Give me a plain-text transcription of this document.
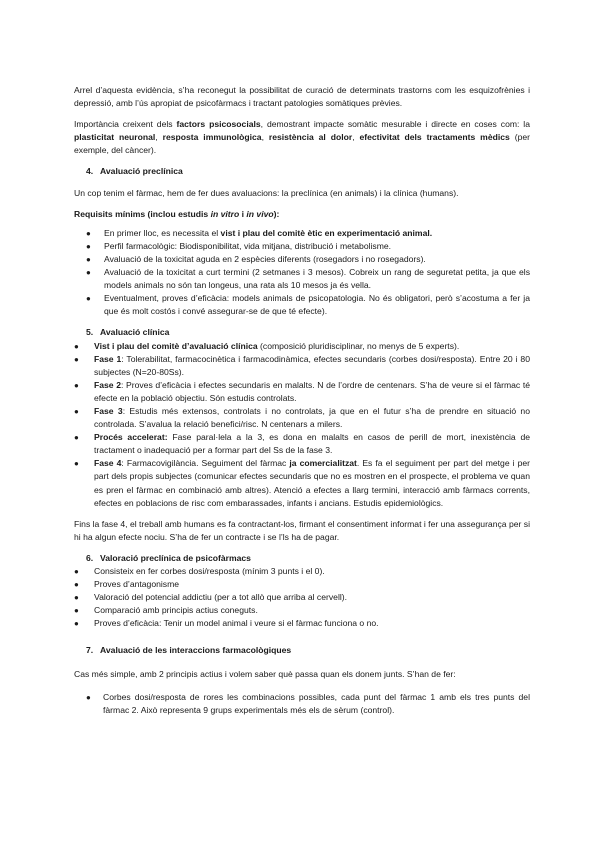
Arrel d’aquesta evidència, s’ha reconegut la possibilitat de curació de determinats trastorns com les esquizofrènies i depressió, amb l’ús apropiat de psicofàrmacs i tractant patologies somàtiques prèvies.

Importància creixent dels factors psicosocials, demostrant impacte somàtic mesurable i directe en coses com: la plasticitat neuronal, resposta immunològica, resistència al dolor, efectivitat dels tractaments mèdics (per exemple, del càncer).

4. Avaluació preclínica

Un cop tenim el fàrmac, hem de fer dues avaluacions: la preclínica (en animals) i la clínica (humans).

Requisits mínims (inclou estudis in vitro i in vivo):

● En primer lloc, es necessita el vist i plau del comitè ètic en experimentació animal.
● Perfil farmacològic: Biodisponibilitat, vida mitjana, distribució i metabolisme.
● Avaluació de la toxicitat aguda en 2 espècies diferents (rosegadors i no rosegadors).
● Avaluació de la toxicitat a curt termini (2 setmanes i 3 mesos). Cobreix un rang de seguretat petita, ja que els models animals no són tan longeus, una rata als 10 mesos ja és vella.
● Eventualment, proves d’eficàcia: models animals de psicopatologia. No és obligatori, però s’acostuma a fer ja que és molt costós i convé assegurar-se de que té efecte).
5. Avaluació clínica
● Vist i plau del comitè d’avaluació clínica (composició pluridisciplinar, no menys de 5 experts).
● Fase 1: Tolerabilitat, farmacocinètica i farmacodinàmica, efectes secundaris (corbes dosi/resposta). Entre 20 i 80 subjectes (N=20-80Ss).
● Fase 2: Proves d’eficàcia i efectes secundaris en malalts. N de l’ordre de centenars. S’ha de veure si el fàrmac té efecte en la població objectiu. Són estudis controlats.
● Fase 3: Estudis més extensos, controlats i no controlats, ja que en el futur s’ha de prendre en situació no controlada. S’avalua la relació benefici/risc. N centenars a milers.
● Procés accelerat: Fase paral·lela a la 3, es dona en malalts en casos de perill de mort, inexistència de tractament o inadequació per a formar part del Ss de la fase 3.
● Fase 4: Farmacovigilància. Seguiment del fàrmac ja comercialitzat. Es fa el seguiment per part del metge i per part dels propis subjectes (comunicar efectes secundaris que no es mostren en el prospecte, el problema ve quan es pren el fàrmac en combinació amb altres). Atenció a efectes a llarg termini, interacció amb fàrmacs corrents, efectes en poblacions de risc com embarassades, infants i ancians. Estudis epidemiològics.

Fins la fase 4, el treball amb humans es fa contractant-los, firmant el consentiment informat i fer una assegurança per si hi ha algun efecte nociu. S’ha de fer un contracte i se l’ls ha de pagar.

6. Valoració preclínica de psicofàrmacs
● Consisteix en fer corbes dosi/resposta (mínim 3 punts i el 0).
● Proves d’antagonisme
● Valoració del potencial addictiu (per a tot allò que arriba al cervell).
● Comparació amb principis actius coneguts.
● Proves d’eficàcia: Tenir un model animal i veure si el fàrmac funciona o no.
7. Avaluació de les interaccions farmacològiques

Cas més simple, amb 2 principis actius i volem saber què passa quan els donem junts. S’han de fer:

● Corbes dosi/resposta de rores les combinacions possibles, cada punt del fàrmac 1 amb els tres punts del fàrmac 2. Això representa 9 grups experimentals més els de sèrum (control).
